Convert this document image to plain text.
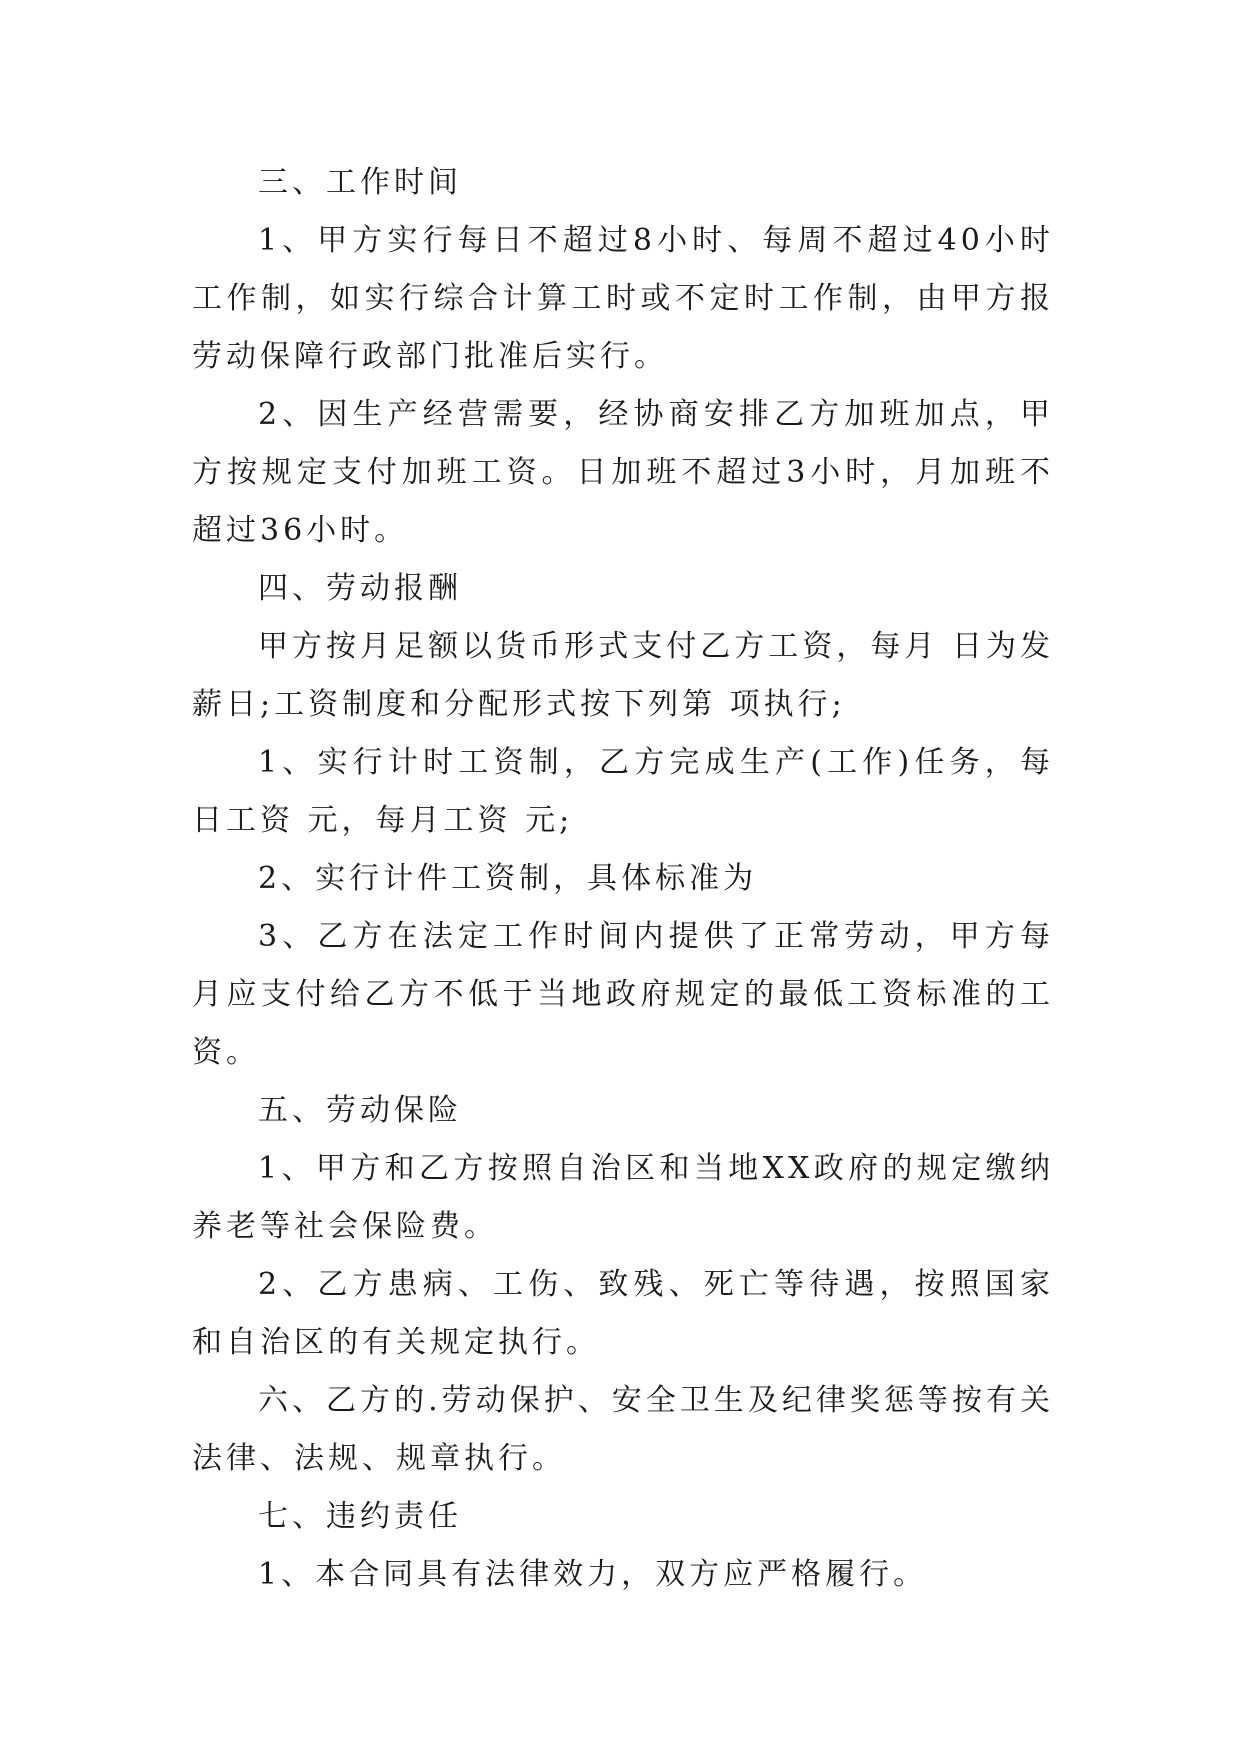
三、工作时间

1、甲方实行每日不超过8小时、每周不超过40小时工作制，如实行综合计算工时或不定时工作制，由甲方报劳动保障行政部门批准后实行。

2、因生产经营需要，经协商安排乙方加班加点，甲方按规定支付加班工资。日加班不超过3小时，月加班不超过36小时。

四、劳动报酬

甲方按月足额以货币形式支付乙方工资，每月 日为发薪日;工资制度和分配形式按下列第 项执行;

1、实行计时工资制，乙方完成生产(工作)任务，每日工资 元，每月工资 元;

2、实行计件工资制，具体标准为

3、乙方在法定工作时间内提供了正常劳动，甲方每月应支付给乙方不低于当地政府规定的最低工资标准的工资。

五、劳动保险

1、甲方和乙方按照自治区和当地XX政府的规定缴纳养老等社会保险费。

2、乙方患病、工伤、致残、死亡等待遇，按照国家和自治区的有关规定执行。

六、乙方的.劳动保护、安全卫生及纪律奖惩等按有关法律、法规、规章执行。

七、违约责任

1、本合同具有法律效力，双方应严格履行。
